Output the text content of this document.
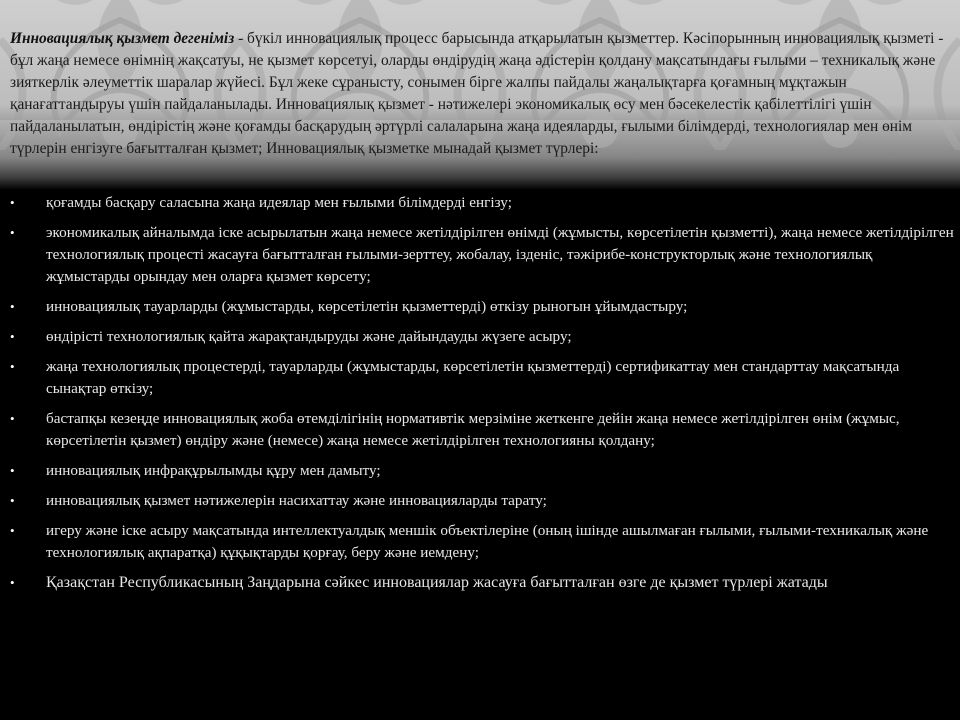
Инновациялық қызмет дегеніміз - бүкіл инновациялық процесс барысында атқарылатын қызметтер. Кәсіпорынның инновациялық қызметі - бұл жаңа немесе өнімнің жақсатуы, не қызмет көрсетуі, оларды өндірудің жаңа әдістерін қолдану мақсатындағы ғылыми – техникалық және зияткерлік әлеуметтік шаралар жүйесі. Бұл жеке сұраныстy, сонымен бірге жалпы пайдалы жаңалықтарға қоғамның мұқтажын қанағаттандыруы үшін пайдаланылады. Инновациялық қызмет - нәтижелері экономикалық өсу мен бәсекелестік қабілеттілігі үшін пайдаланылатын, өндірістің және қоғамды басқарудың әртүрлі салаларына жаңа идеяларды, ғылыми білімдерді, технологиялар мен өнім түрлерін енгізуге бағытталған қызмет; Инновациялық қызметке мынадай қызмет түрлері:
• қоғамды басқару саласына жаңа идеялар мен ғылыми білімдерді енгізу;
• экономикалық айналымда іске асырылатын жаңа немесе жетілдірілген өнімді (жұмысты, көрсетілетін қызметті), жаңа немесе жетілдірілген технологиялық процесті жасауға бағытталған ғылыми-зерттеу, жобалау, ізденіс, тәжірибе-конструкторлық және технологиялық жұмыстарды орындау мен оларға қызмет көрсету;
• инновациялық тауарларды (жұмыстарды, көрсетілетін қызметтерді) өткізу рыногын ұйымдастыру;
• өндірісті технологиялық қайта жарақтандыруды және дайындауды жүзеге асыру;
• жаңа технологиялық процестерді, тауарларды (жұмыстарды, көрсетілетін қызметтерді) сертификаттау мен стандарттау мақсатында сынақтар өткізу;
• бастапқы кезеңде инновациялық жоба өтемділігінің нормативтік мерзіміне жеткенге дейін жаңа немесе жетілдірілген өнім (жұмыс, көрсетілетін қызмет) өндіру және (немесе) жаңа немесе жетілдірілген технологияны қолдану;
• инновациялық инфрақұрылымды құру мен дамыту;
• инновациялық қызмет нәтижелерін насихаттау және инновацияларды тарату;
• игеру және іске асыру мақсатында интеллектуалдық меншік объектілеріне (оның ішінде ашылмаған ғылыми, ғылыми-техникалық және технологиялық ақпаратқа) құқықтарды қорғау, беру және иемдену;
• Қазақстан Республикасының Заңдарына сәйкес инновациялар жасауға бағытталған өзге де қызмет түрлері жатады
